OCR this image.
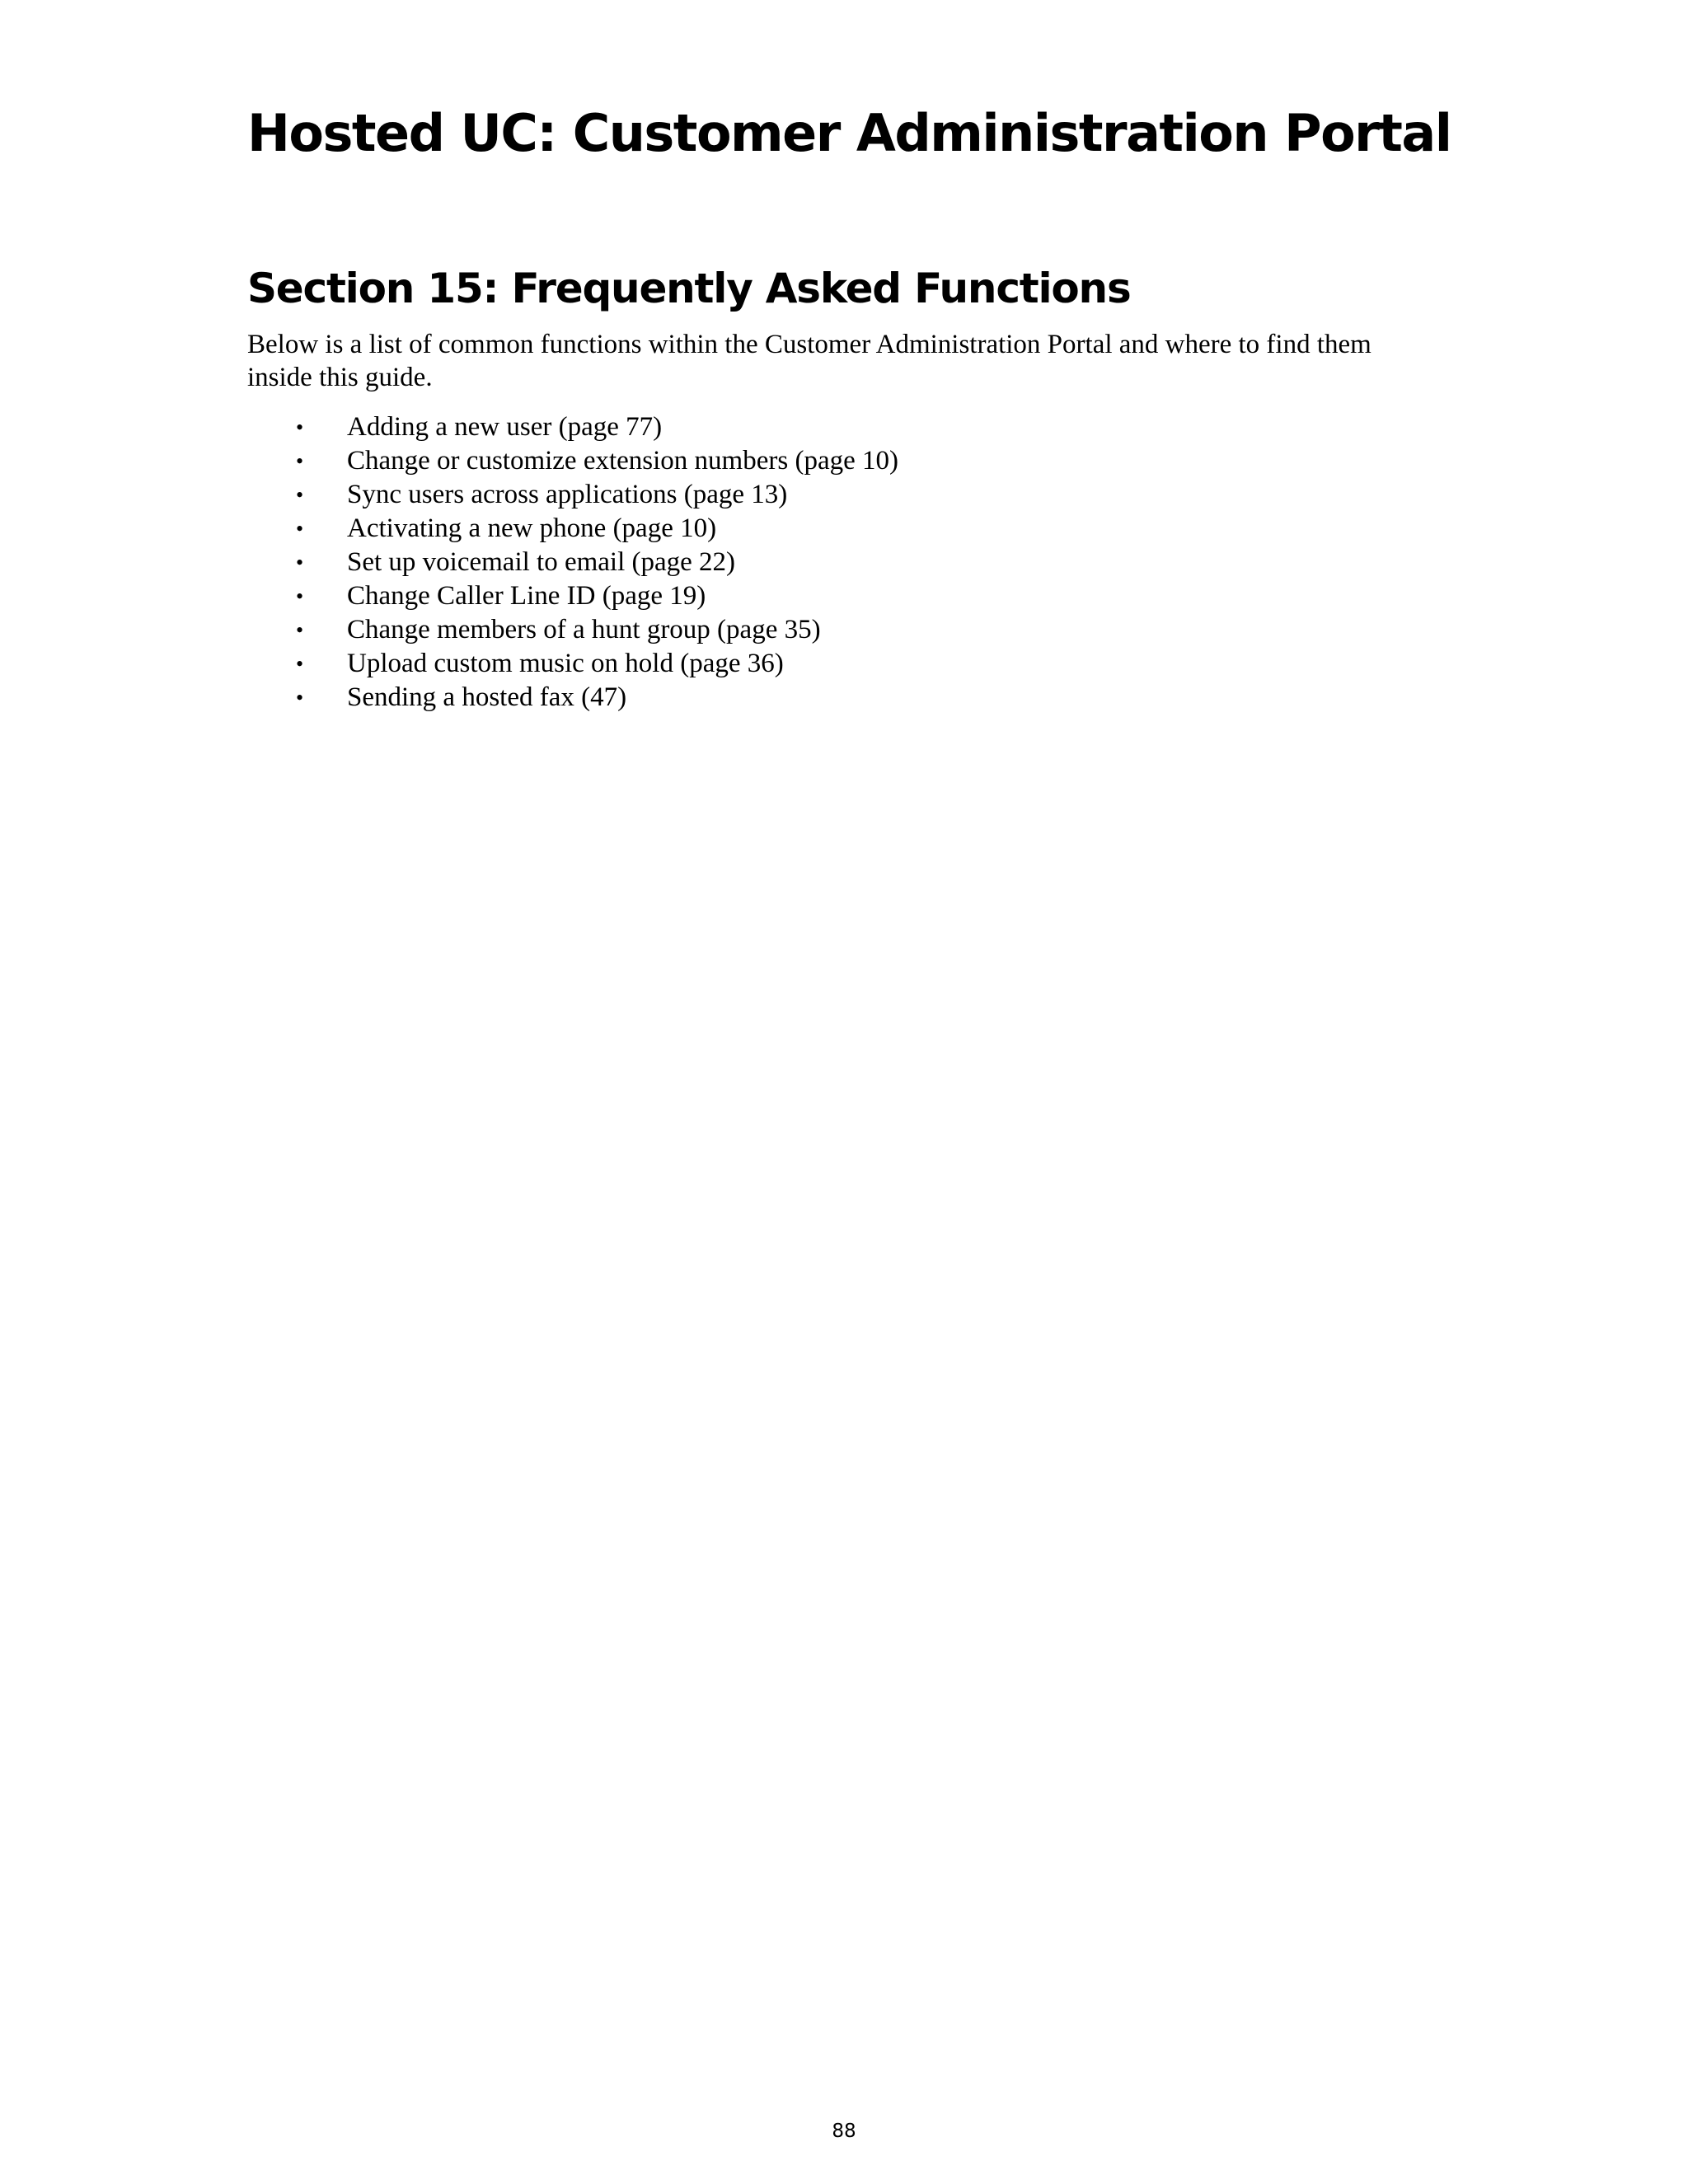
Hosted UC: Customer Administration Portal
Section 15: Frequently Asked Functions

Below is a list of common functions within the Customer Administration Portal and where to find them inside this guide.

• Adding a new user (page 77)
• Change or customize extension numbers (page 10)
• Sync users across applications (page 13)
• Activating a new phone (page 10)
• Set up voicemail to email (page 22)
• Change Caller Line ID (page 19)
• Change members of a hunt group (page 35)
• Upload custom music on hold (page 36)
• Sending a hosted fax (47)
88
